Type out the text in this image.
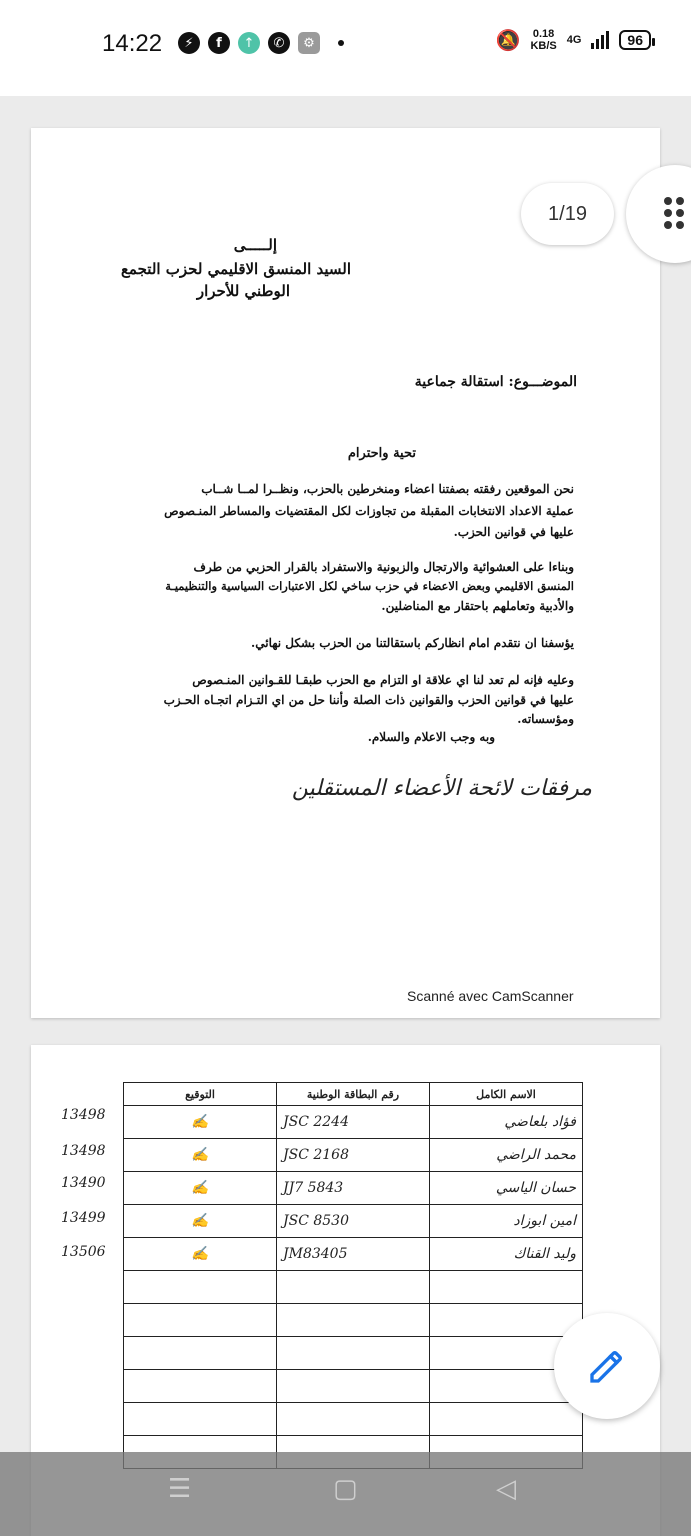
14:22	⚡	f	↑	✆	⚙	🔕 0.18
KB/S 4G	96
إلـــــى
السيد المنسق الاقليمي لحزب التجمع
الوطني للأحرار
الموضـــوع: استقالة جماعية
تحية واحترام
نحن الموقعين رفقته بصفتنا اعضاء ومنخرطين بالحزب، ونظــرا لمــا شــاب
عملية الاعداد الانتخابات المقبلة من تجاوزات لكل المقتضيات والمساطر المنـصوص
عليها في قوانين الحزب.
وبناءا على العشوائية والارتجال والزبونية والاستفراد بالقرار الحزبي من طرف
المنسق الاقليمي وبعض الاعضاء في حزب ساخي لكل الاعتبارات السياسية والتنظيميـة
والأدبية وتعاملهم باحتقار مع المناضلين.
يؤسفنا ان نتقدم امام انظاركم باستقالتنا من الحزب بشكل نهائي.
وعليه فإنه لم تعد لنا اي علاقة او التزام مع الحزب طبقـا للقـوانين المنـصوص
عليها في قوانين الحزب والقوانين ذات الصلة وأننا حل من اي التـزام اتجـاه الحـزب
ومؤسساته.
وبه وجب الاعلام والسلام.
مرفقات لائحة الأعضاء المستقلين
Scanné avec CamScanner
1/19
13498
13498
13490
13499
13506
التوقيع	رقم البطاقة الوطنية	الاسم الكامل
✍	JSC 2244	فؤاد بلعاضي
✍	JSC 2168	محمد الراضي
✍	JJ7 5843	حسان الياسي
✍	JSC 8530	امين ابوزاد
✍	JM83405	وليد القناك

☰	▢	◁
